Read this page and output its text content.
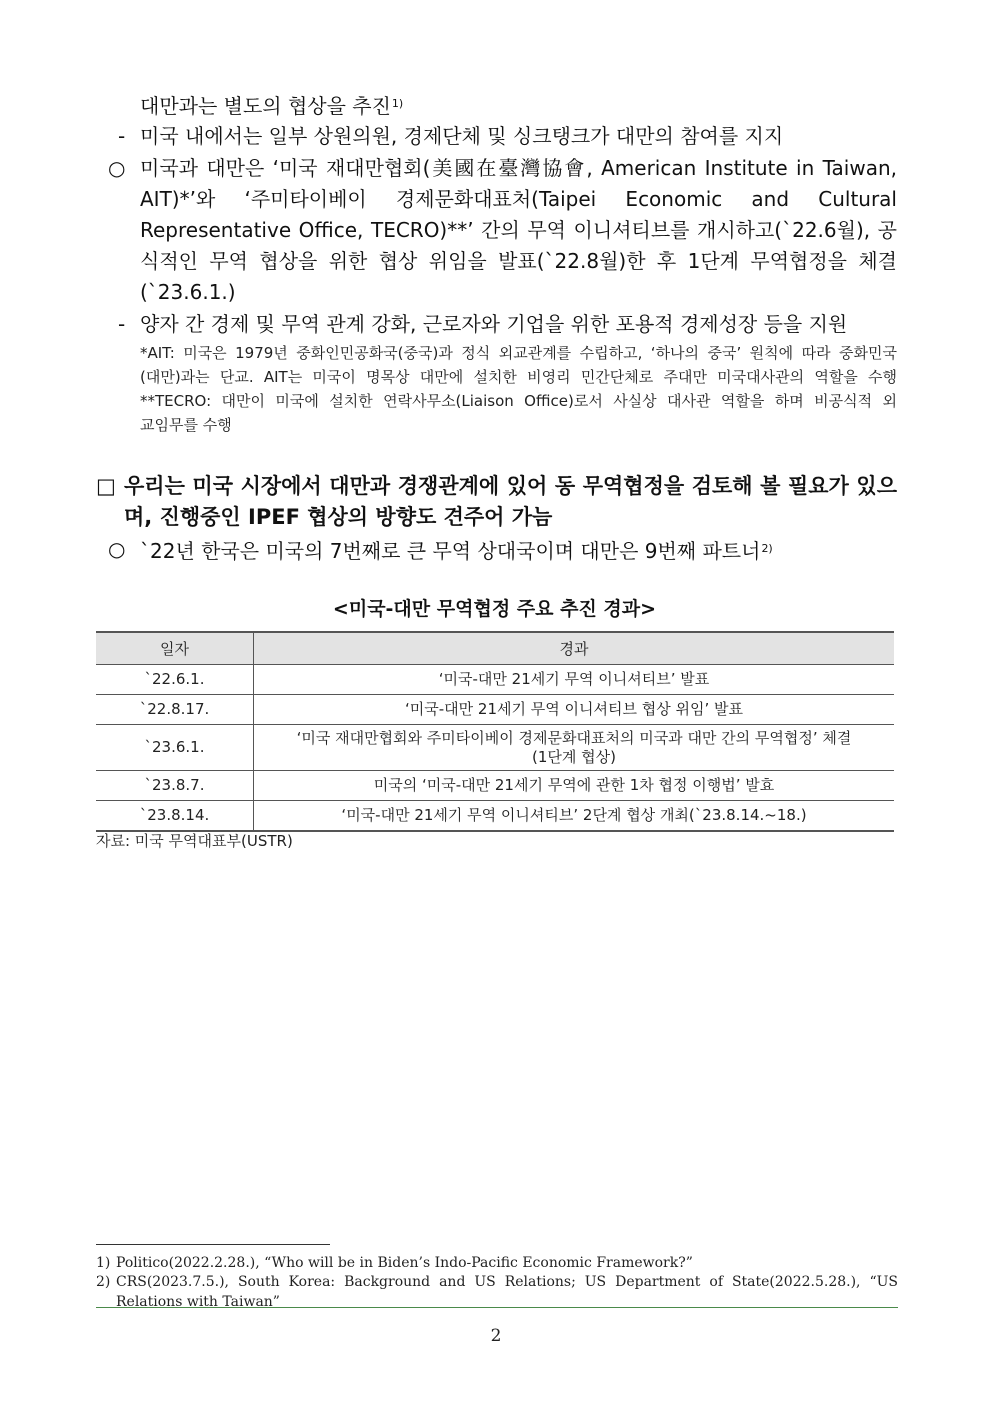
대만과는 별도의 협상을 추진$^{1)}$
- 미국 내에서는 일부 상원의원, 경제단체 및 싱크탱크가 대만의 참여를 지지
○ 미국과 대만은 ‘미국 재대만협회(美國在臺灣協會, American Institute in Taiwan,
AIT)*’와 ‘주미타이베이 경제문화대표처(Taipei Economic and Cultural
Representative Office, TECRO)**’ 간의 무역 이니셔티브를 개시하고(`22.6월), 공
식적인 무역 협상을 위한 협상 위임을 발표(`22.8월)한 후 1단계 무역협정을 체결
(`23.6.1.)
- 양자 간 경제 및 무역 관계 강화, 근로자와 기업을 위한 포용적 경제성장 등을 지원
*AIT: 미국은 1979년 중화인민공화국(중국)과 정식 외교관계를 수립하고, ‘하나의 중국’ 원칙에 따라 중화민국
(대만)과는 단교. AIT는 미국이 명목상 대만에 설치한 비영리 민간단체로 주대만 미국대사관의 역할을 수행
**TECRO: 대만이 미국에 설치한 연락사무소(Liaison Office)로서 사실상 대사관 역할을 하며 비공식적 외
교임무를 수행
□ 우리는 미국 시장에서 대만과 경쟁관계에 있어 동 무역협정을 검토해 볼 필요가 있으
며, 진행중인 IPEF 협상의 방향도 견주어 가늠
○ `22년 한국은 미국의 7번째로 큰 무역 상대국이며 대만은 9번째 파트너$^{2)}$
<미국-대만 무역협정 주요 추진 경과>
일자	경과
`22.6.1.	‘미국-대만 21세기 무역 이니셔티브’ 발표
`22.8.17.	‘미국-대만 21세기 무역 이니셔티브 협상 위임’ 발표
`23.6.1.	‘미국 재대만협회와 주미타이베이 경제문화대표처의 미국과 대만 간의 무역협정’ 체결
(1단계 협상)

`23.8.7.	미국의 ‘미국-대만 21세기 무역에 관한 1차 협정 이행법’ 발효
`23.8.14.	‘미국-대만 21세기 무역 이니셔티브’ 2단계 협상 개최(`23.8.14.~18.)
자료: 미국 무역대표부(USTR)
1) Politico(2022.2.28.), “Who will be in Biden’s Indo-Pacific Economic Framework?”
2) CRS(2023.7.5.), South Korea: Background and US Relations; US Department of State(2022.5.28.), “US Relations with Taiwan”
2
